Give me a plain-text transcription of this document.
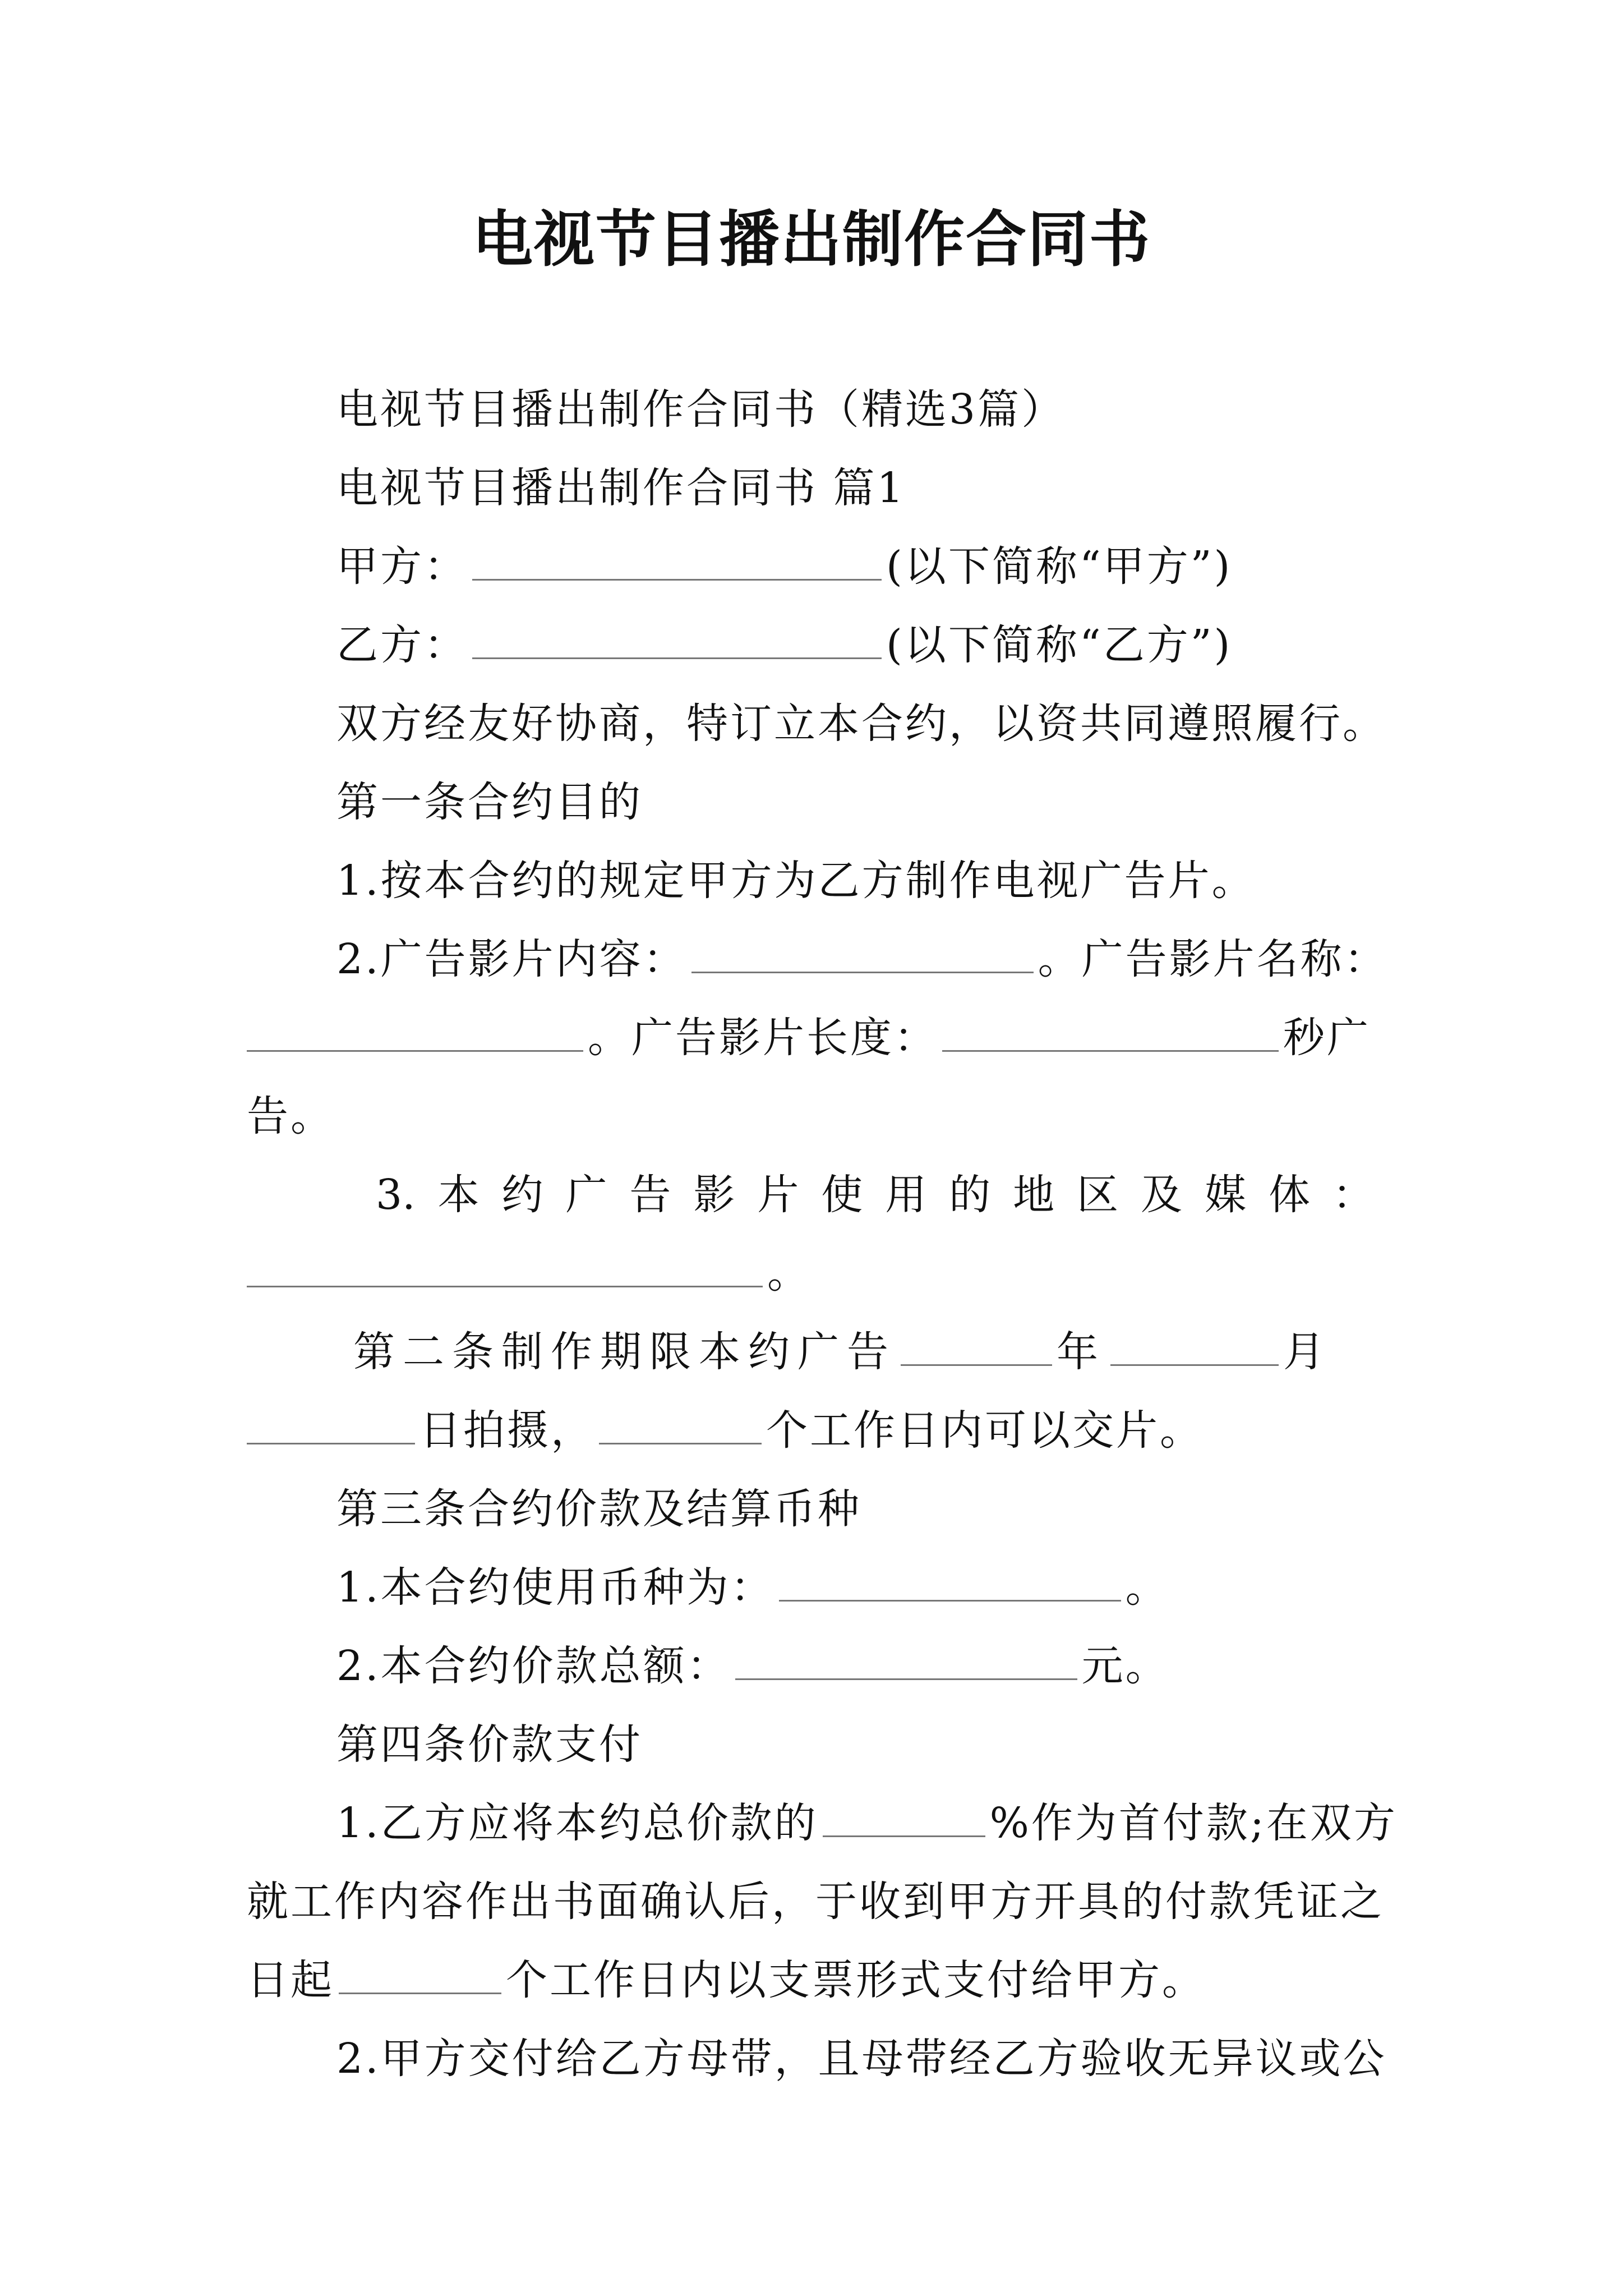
电视节目播出制作合同书
电视节目播出制作合同书（精选3篇）
电视节目播出制作合同书 篇1
甲方：	(以下简称“甲方”)
乙方：	(以下简称“乙方”)
双方经友好协商，特订立本合约，以资共同遵照履行。
第一条合约目的
1.按本合约的规定甲方为乙方制作电视广告片。
2.广告影片内容：	。广告影片名称：
。广告影片长度：	秒广
告。
3. 本 约 广 告 影 片 使 用 的 地 区 及 媒 体 ：
。
第二条制作期限本约广告	年	月
日拍摄，	个工作日内可以交片。
第三条合约价款及结算币种
1.本合约使用币种为：	。
2.本合约价款总额：	元。
第四条价款支付
1.乙方应将本约总价款的	%作为首付款;在双方
就工作内容作出书面确认后，于收到甲方开具的付款凭证之
日起	个工作日内以支票形式支付给甲方。
2.甲方交付给乙方母带，且母带经乙方验收无异议或公
